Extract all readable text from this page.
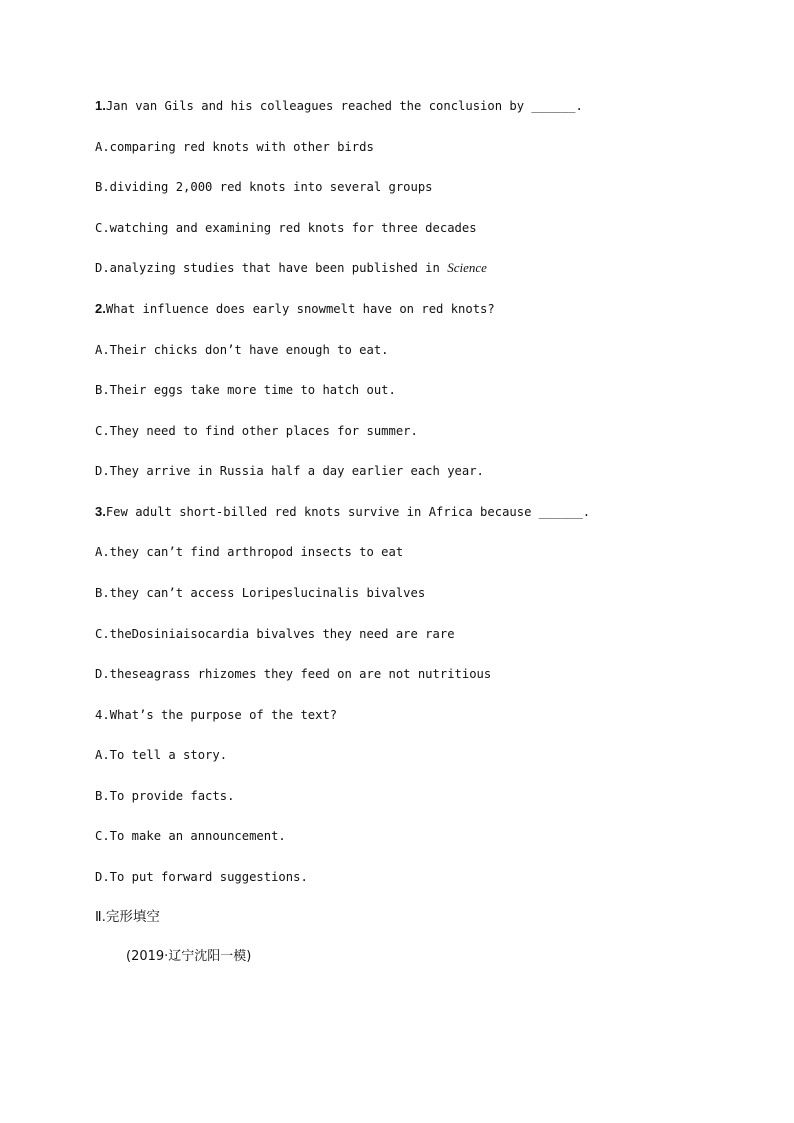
1.Jan van Gils and his colleagues reached the conclusion by ______.
A.comparing red knots with other birds
B.dividing 2,000 red knots into several groups
C.watching and examining red knots for three decades
D.analyzing studies that have been published in Science
2.What influence does early snowmelt have on red knots?
A.Their chicks don’t have enough to eat.
B.Their eggs take more time to hatch out.
C.They need to find other places for summer.
D.They arrive in Russia half a day earlier each year.
3.Few adult short-billed red knots survive in Africa because ______.
A.they can’t find arthropod insects to eat
B.they can’t access Loripeslucinalis bivalves
C.theDosiniaisocardia bivalves they need are rare
D.theseagrass rhizomes they feed on are not nutritious
4.What’s the purpose of the text?
A.To tell a story.
B.To provide facts.
C.To make an announcement.
D.To put forward suggestions.
Ⅱ.完形填空
(2019·辽宁沈阳一模)
